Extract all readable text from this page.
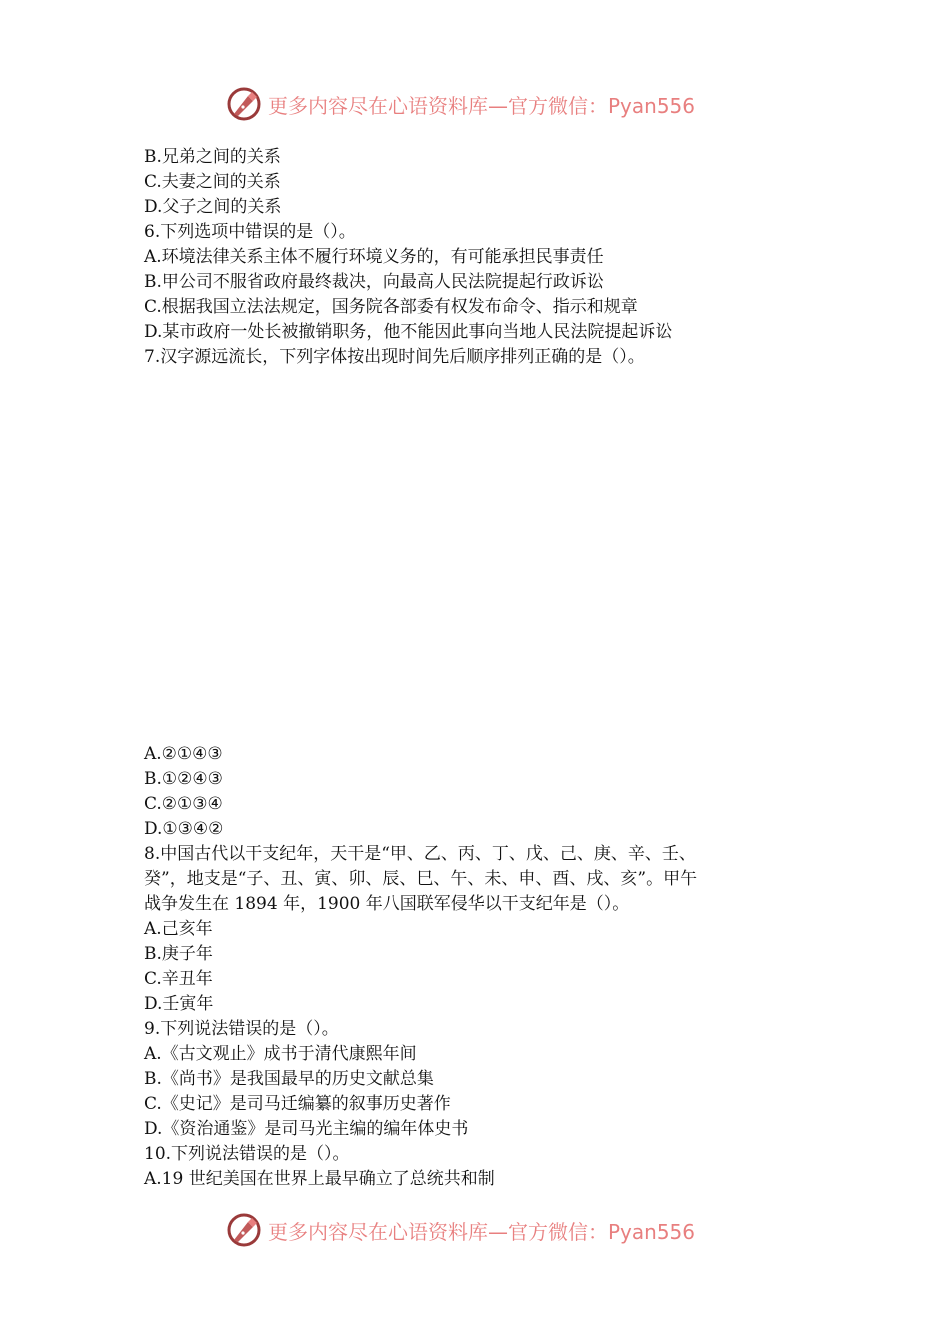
更多内容尽在心语资料库—官方微信：Pyan556
B.兄弟之间的关系
C.夫妻之间的关系
D.父子之间的关系
6.下列选项中错误的是（）。
A.环境法律关系主体不履行环境义务的，有可能承担民事责任
B.甲公司不服省政府最终裁决，向最高人民法院提起行政诉讼
C.根据我国立法法规定，国务院各部委有权发布命令、指示和规章
D.某市政府一处长被撤销职务，他不能因此事向当地人民法院提起诉讼
7.汉字源远流长，下列字体按出现时间先后顺序排列正确的是（）。
A.②①④③
B.①②④③
C.②①③④
D.①③④②
8.中国古代以干支纪年，天干是“甲、乙、丙、丁、戊、己、庚、辛、壬、
癸”，地支是“子、丑、寅、卯、辰、巳、午、未、申、酉、戌、亥”。甲午
战争发生在 1894 年，1900 年八国联军侵华以干支纪年是（）。
A.己亥年
B.庚子年
C.辛丑年
D.壬寅年
9.下列说法错误的是（）。
A.《古文观止》成书于清代康熙年间
B.《尚书》是我国最早的历史文献总集
C.《史记》是司马迁编纂的叙事历史著作
D.《资治通鉴》是司马光主编的编年体史书
10.下列说法错误的是（）。
A.19 世纪美国在世界上最早确立了总统共和制
更多内容尽在心语资料库—官方微信：Pyan556
